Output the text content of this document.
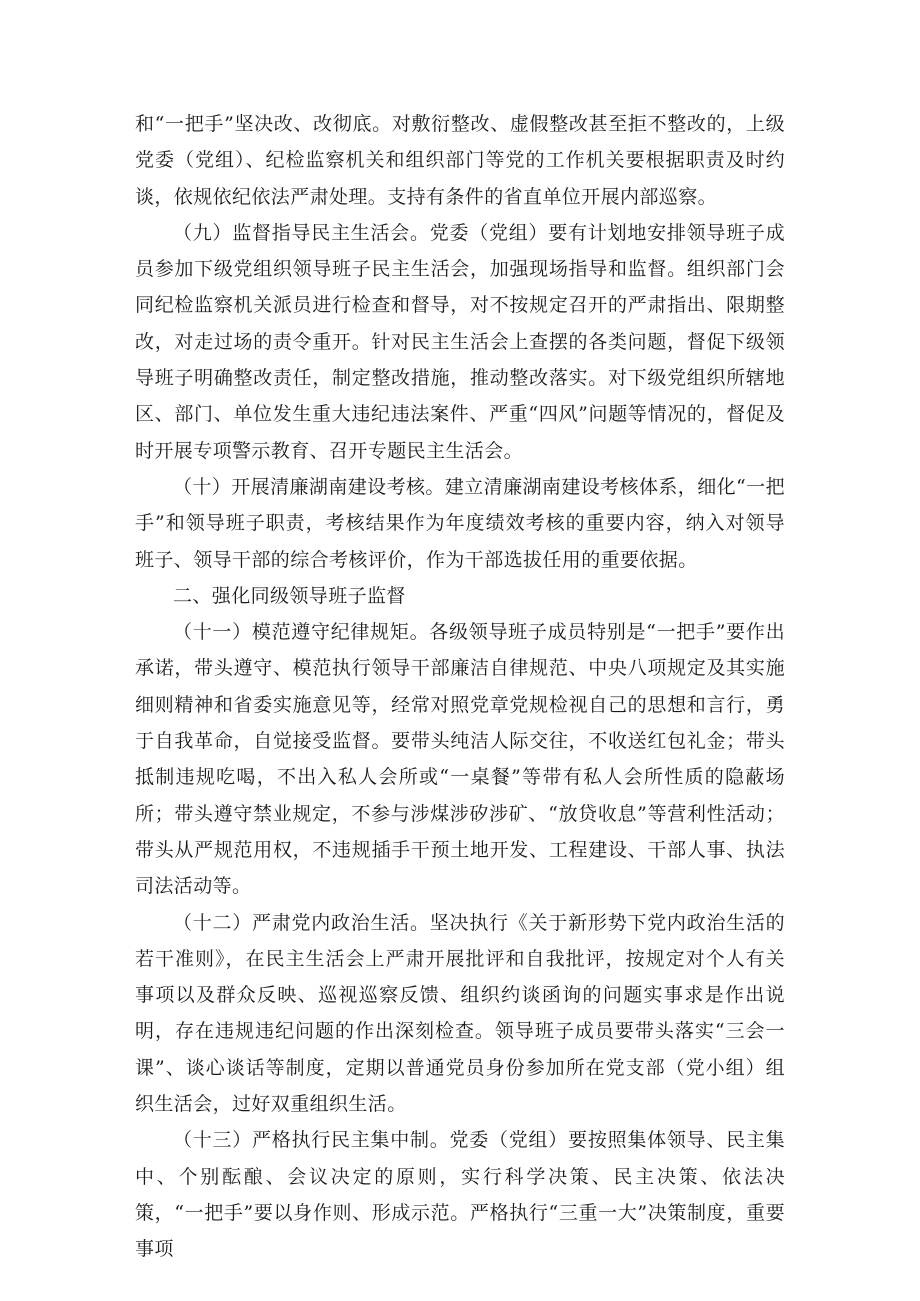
和“一把手”坚决改、改彻底。对敷衍整改、虚假整改甚至拒不整改的，上级党委（党组）、纪检监察机关和组织部门等党的工作机关要根据职责及时约谈，依规依纪依法严肃处理。支持有条件的省直单位开展内部巡察。

（九）监督指导民主生活会。党委（党组）要有计划地安排领导班子成员参加下级党组织领导班子民主生活会，加强现场指导和监督。组织部门会同纪检监察机关派员进行检查和督导，对不按规定召开的严肃指出、限期整改，对走过场的责令重开。针对民主生活会上查摆的各类问题，督促下级领导班子明确整改责任，制定整改措施，推动整改落实。对下级党组织所辖地区、部门、单位发生重大违纪违法案件、严重“四风”问题等情况的，督促及时开展专项警示教育、召开专题民主生活会。

（十）开展清廉湖南建设考核。建立清廉湖南建设考核体系，细化“一把手”和领导班子职责，考核结果作为年度绩效考核的重要内容，纳入对领导班子、领导干部的综合考核评价，作为干部选拔任用的重要依据。

二、强化同级领导班子监督

（十一）模范遵守纪律规矩。各级领导班子成员特别是“一把手”要作出承诺，带头遵守、模范执行领导干部廉洁自律规范、中央八项规定及其实施细则精神和省委实施意见等，经常对照党章党规检视自己的思想和言行，勇于自我革命，自觉接受监督。要带头纯洁人际交往，不收送红包礼金；带头抵制违规吃喝，不出入私人会所或“一桌餐”等带有私人会所性质的隐蔽场所；带头遵守禁业规定，不参与涉煤涉矽涉矿、“放贷收息”等营利性活动；带头从严规范用权，不违规插手干预土地开发、工程建设、干部人事、执法司法活动等。

（十二）严肃党内政治生活。坚决执行《关于新形势下党内政治生活的若干准则》，在民主生活会上严肃开展批评和自我批评，按规定对个人有关事项以及群众反映、巡视巡察反馈、组织约谈函询的问题实事求是作出说明，存在违规违纪问题的作出深刻检查。领导班子成员要带头落实“三会一课”、谈心谈话等制度，定期以普通党员身份参加所在党支部（党小组）组织生活会，过好双重组织生活。

（十三）严格执行民主集中制。党委（党组）要按照集体领导、民主集中、个别酝酿、会议决定的原则，实行科学决策、民主决策、依法决策，“一把手”要以身作则、形成示范。严格执行“三重一大”决策制度，重要事项
